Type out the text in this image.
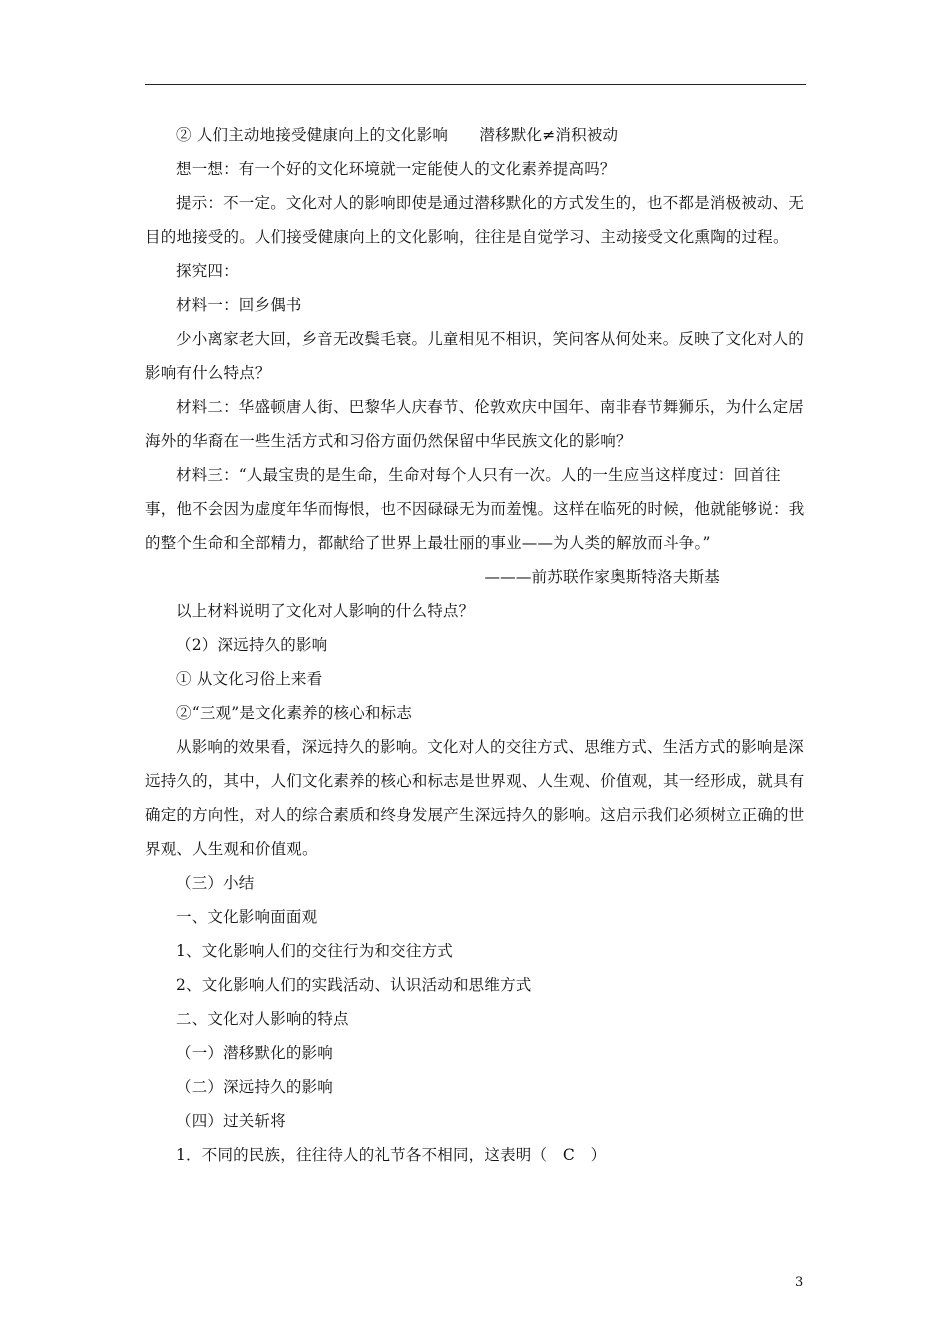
② 人们主动地接受健康向上的文化影响　　潜移默化≠消积被动

想一想：有一个好的文化环境就一定能使人的文化素养提高吗？

提示：不一定。文化对人的影响即使是通过潜移默化的方式发生的，也不都是消极被动、无目的地接受的。人们接受健康向上的文化影响，往往是自觉学习、主动接受文化熏陶的过程。

探究四：

材料一：回乡偶书

少小离家老大回，乡音无改鬓毛衰。儿童相见不相识，笑问客从何处来。反映了文化对人的影响有什么特点？

材料二：华盛顿唐人街、巴黎华人庆春节、伦敦欢庆中国年、南非春节舞狮乐，为什么定居海外的华裔在一些生活方式和习俗方面仍然保留中华民族文化的影响？

材料三：“人最宝贵的是生命，生命对每个人只有一次。人的一生应当这样度过：回首往事，他不会因为虚度年华而悔恨，也不因碌碌无为而羞愧。这样在临死的时候，他就能够说：我的整个生命和全部精力，都献给了世界上最壮丽的事业——为人类的解放而斗争。”

———前苏联作家奥斯特洛夫斯基

以上材料说明了文化对人影响的什么特点？

（2）深远持久的影响

① 从文化习俗上来看

②“三观”是文化素养的核心和标志

从影响的效果看，深远持久的影响。文化对人的交往方式、思维方式、生活方式的影响是深远持久的，其中，人们文化素养的核心和标志是世界观、人生观、价值观，其一经形成，就具有确定的方向性，对人的综合素质和终身发展产生深远持久的影响。这启示我们必须树立正确的世界观、人生观和价值观。

（三）小结

一、文化影响面面观

1、文化影响人们的交往行为和交往方式

2、文化影响人们的实践活动、认识活动和思维方式

二、文化对人影响的特点

（一）潜移默化的影响

（二）深远持久的影响

（四）过关斩将

1．不同的民族，往往待人的礼节各不相同，这表明（　C　）

3
